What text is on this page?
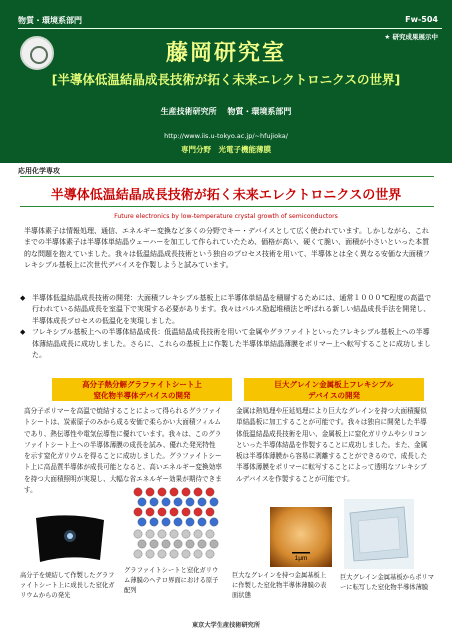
物質・環境系部門	Fw-504
★ 研究成果展示中
藤岡研究室
[半導体低温結晶成長技術が拓く未来エレクトロニクスの世界]
生産技術研究所　 物質・環境系部門
http://www.iis.u-tokyo.ac.jp/~hfujioka/
専門分野　光電子機能薄膜
応用化学専攻
半導体低温結晶成長技術が拓く未来エレクトロニクスの世界
Future electronics by low-temperature crystal growth of semiconductors
半導体素子は情報処理、通信、エネルギー変換など多くの分野でキー・デバイスとして広く使われています。しかしながら、これまでの半導体素子は半導体単結晶ウェーハーを加工して作られていたため、価格が高い、硬くて脆い、面積が小さいといった本質的な問題を抱えていました。我々は低温結晶成長技術という独自のプロセス技術を用いて、半導体とは全く異なる安価な大面積フレキシブル基板上に次世代デバイスを作製しようと試みています。
◆ 半導体低温結晶成長技術の開発：大面積フレキシブル基板上に半導体単結晶を積層するためには、通常１０００℃程度の高温で行われている結晶成長を室温下で実現する必要があります。我々はパルス励起堆積法と呼ばれる新しい結晶成長手法を開発し、半導体成長プロセスの低温化を実現しました。
◆ フレキシブル基板上への半導体結晶成長：低温結晶成長技術を用いて金属やグラファイトといったフレキシブル基板上への半導体薄結晶成長に成功しました。さらに、これらの基板上に作製した半導体単結晶薄膜をポリマー上へ転写することに成功しました。
高分子熱分解グラファイトシート上
窒化物半導体デバイスの開発
巨大グレイン金属板上フレキシブル
デバイスの開発
高分子ポリマーを高温で焼結することによって得られるグラファイトシートは、炭素原子のみから成る安価で柔らかい大面積フィルムであり、熱伝導性や電気伝導性に優れています。我々は、このグラファイトシート上への半導体薄膜の成長を試み、優れた発光特性を示す窒化ガリウムを得ることに成功しました。グラファイトシート上に高品質半導体が成長可能となると、高いエネルギー変換効率を持つ大面積照明が実現し、大幅な省エネルギー効果が期待できます。
金属は熱処理や圧延処理により巨大なグレインを持つ大面積擬似単結晶板に加工することが可能です。我々は独自に開発した半導体低温結晶成長技術を用い、金属板上に窒化ガリウムやシリコンといった半導体結晶を作製することに成功しました。また、金属板は半導体薄膜から容易に剥離することができるので、成長した半導体薄膜をポリマーに転写することによって透明なフレキシブルデバイスを作製することが可能です。
高分子を焼結して作製したグラファイトシート上に成長した窒化ガリウムからの発光
グラファイトシートと窒化ガリウム薄膜のヘテロ界面における原子配列
1μm
巨大なグレインを持つ金属基板上に作製した窒化物半導体薄膜の表面状態
巨大グレイン金属基板からポリマーに転写した窒化物半導体薄膜
東京大学生産技術研究所
